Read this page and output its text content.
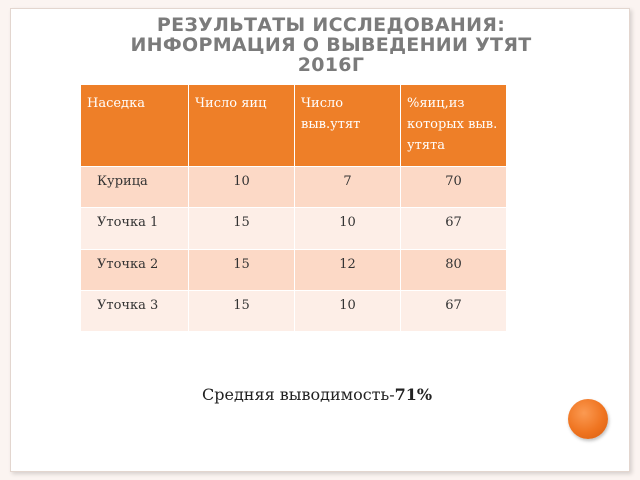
РЕЗУЛЬТАТЫ ИССЛЕДОВАНИЯ:
ИНФОРМАЦИЯ О ВЫВЕДЕНИИ УТЯТ
2016Г
Наседка	Число яиц	Число выв.утят	%яиц,из которых выв. утята
Курица	10	7	70
Уточка 1	15	10	67
Уточка 2	15	12	80
Уточка 3	15	10	67
Средняя выводимость-71%
